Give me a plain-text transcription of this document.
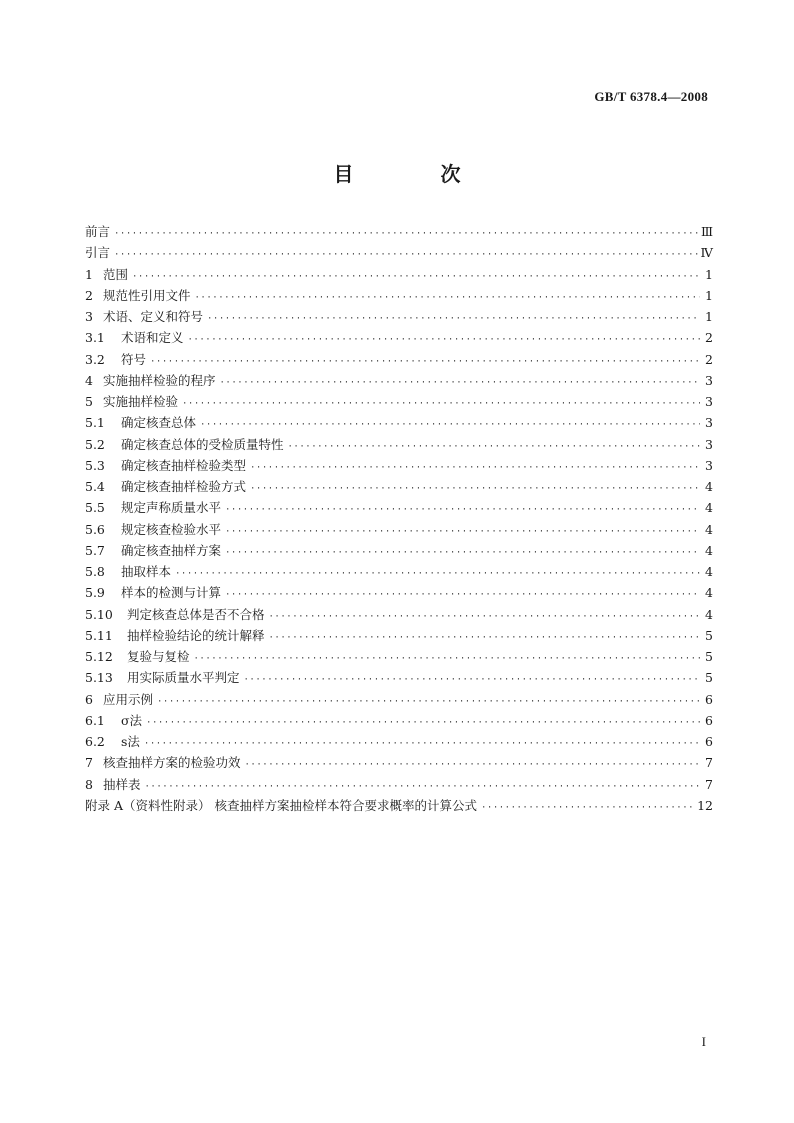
GB/T 6378.4—2008
目 次
前言 ·····	Ⅲ
引言 ·····	Ⅳ
1 范围 ·····	1
2 规范性引用文件 ·····	1
3 术语、定义和符号 ·····	1
3.1	术语和定义 ·····	2
3.2	符号 ·····	2
4 实施抽样检验的程序 ·····	3
5 实施抽样检验 ·····	3
5.1	确定核查总体 ·····	3
5.2	确定核查总体的受检质量特性 ·····	3
5.3	确定核查抽样检验类型 ·····	3
5.4	确定核查抽样检验方式 ·····	4
5.5	规定声称质量水平 ·····	4
5.6	规定核查检验水平 ·····	4
5.7	确定核查抽样方案 ·····	4
5.8	抽取样本 ·····	4
5.9	样本的检测与计算 ·····	4
5.10	判定核查总体是否不合格 ·····	4
5.11	抽样检验结论的统计解释 ·····	5
5.12	复验与复检 ·····	5
5.13	用实际质量水平判定 ·····	5
6 应用示例 ·····	6
6.1	σ法 ·····	6
6.2	s法 ·····	6
7 核查抽样方案的检验功效 ·····	7
8 抽样表 ·····	7
附录 A（资料性附录） 核查抽样方案抽检样本符合要求概率的计算公式 ·····	12
I
